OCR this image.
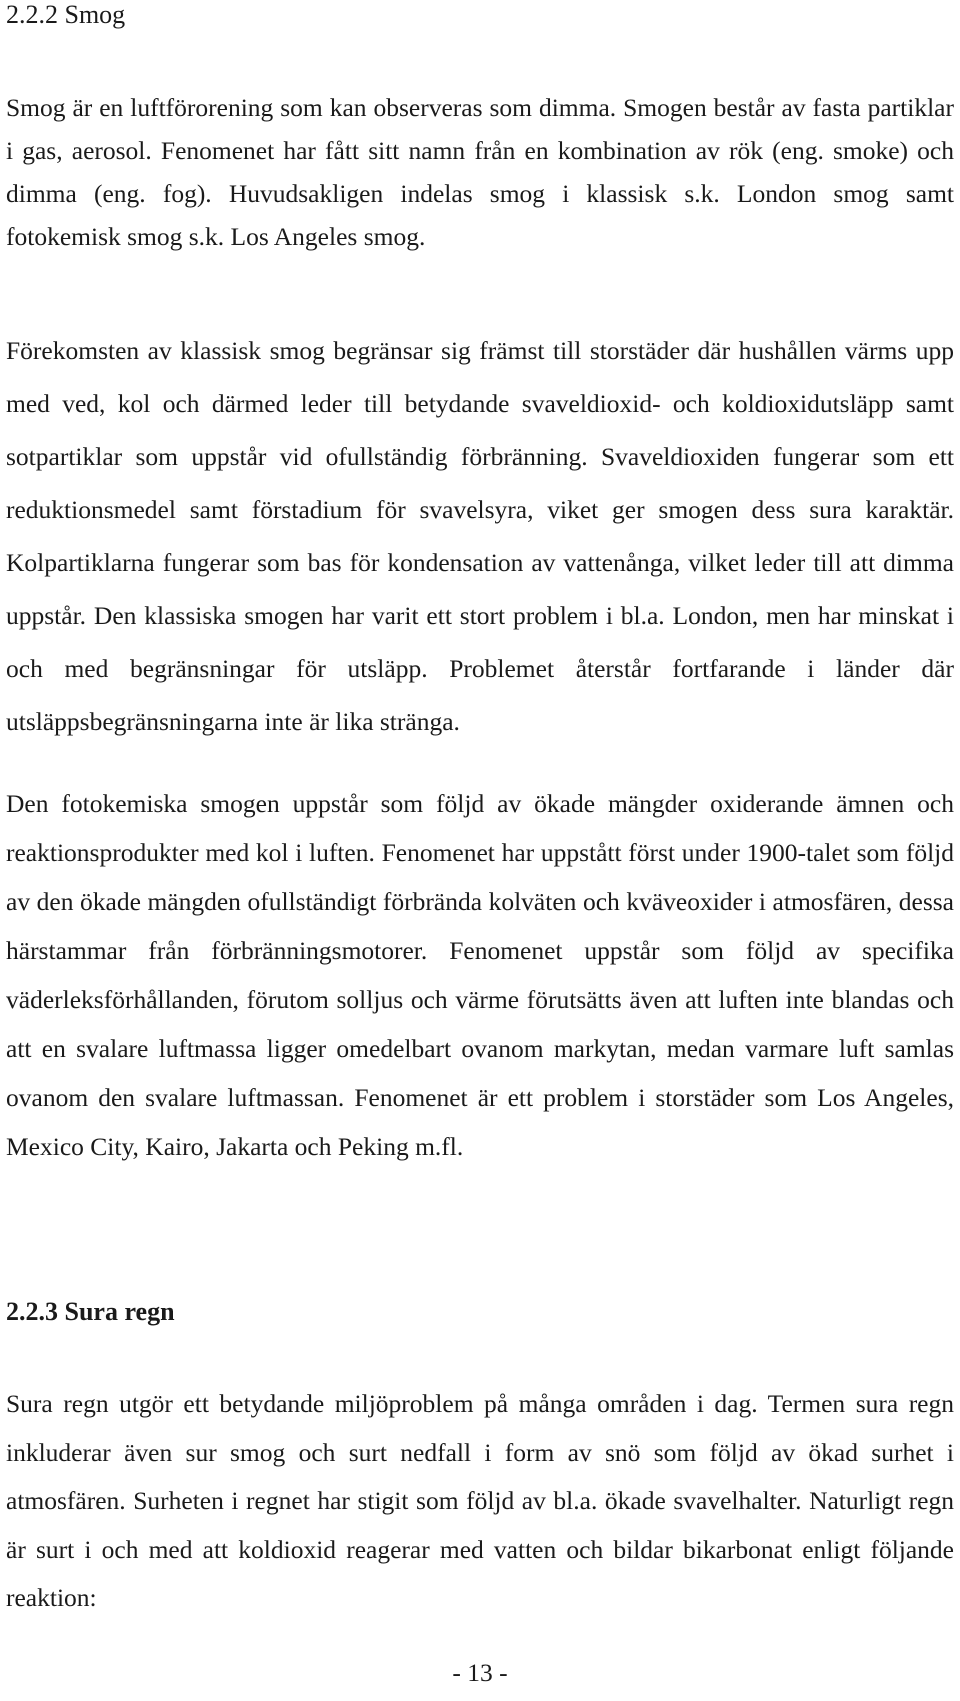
2.2.2 Smog

Smog är en luftförorening som kan observeras som dimma. Smogen består av fasta partiklar i gas, aerosol. Fenomenet har fått sitt namn från en kombination av rök (eng. smoke) och dimma (eng. fog). Huvudsakligen indelas smog i klassisk s.k. London smog samt fotokemisk smog s.k. Los Angeles smog.

Förekomsten av klassisk smog begränsar sig främst till storstäder där hushållen värms upp med ved, kol och därmed leder till betydande svaveldioxid- och koldioxidutsläpp samt sotpartiklar som uppstår vid ofullständig förbränning. Svaveldioxiden fungerar som ett reduktionsmedel samt förstadium för svavelsyra, viket ger smogen dess sura karaktär. Kolpartiklarna fungerar som bas för kondensation av vattenånga, vilket leder till att dimma uppstår. Den klassiska smogen har varit ett stort problem i bl.a. London, men har minskat i och med begränsningar för utsläpp. Problemet återstår fortfarande i länder där utsläppsbegränsningarna inte är lika stränga.

Den fotokemiska smogen uppstår som följd av ökade mängder oxiderande ämnen och reaktionsprodukter med kol i luften. Fenomenet har uppstått först under 1900-talet som följd av den ökade mängden ofullständigt förbrända kolväten och kväveoxider i atmosfären, dessa härstammar från förbränningsmotorer. Fenomenet uppstår som följd av specifika väderleksförhållanden, förutom solljus och värme förutsätts även att luften inte blandas och att en svalare luftmassa ligger omedelbart ovanom markytan, medan varmare luft samlas ovanom den svalare luftmassan. Fenomenet är ett problem i storstäder som Los Angeles, Mexico City, Kairo, Jakarta och Peking m.fl.

2.2.3 Sura regn

Sura regn utgör ett betydande miljöproblem på många områden i dag. Termen sura regn inkluderar även sur smog och surt nedfall i form av snö som följd av ökad surhet i atmosfären. Surheten i regnet har stigit som följd av bl.a. ökade svavelhalter. Naturligt regn är surt i och med att koldioxid reagerar med vatten och bildar bikarbonat enligt följande reaktion:

- 13 -
